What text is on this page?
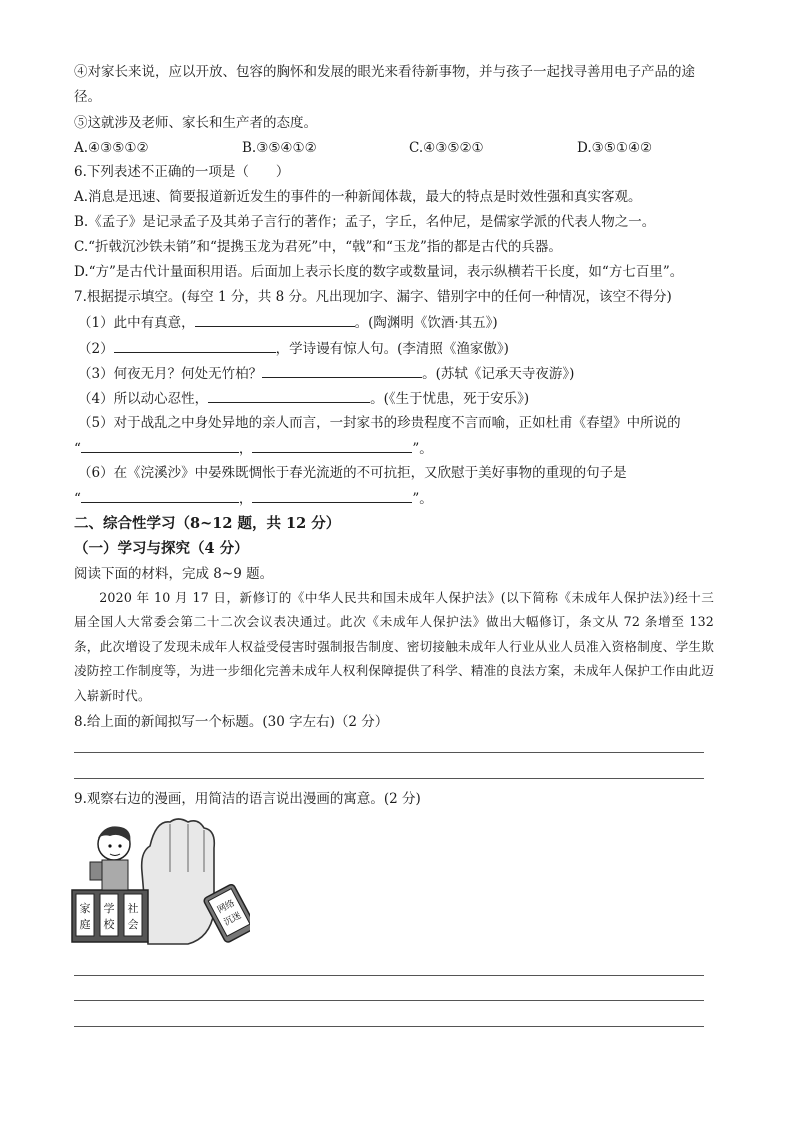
④对家长来说，应以开放、包容的胸怀和发展的眼光来看待新事物，并与孩子一起找寻善用电子产品的途
径。
⑤这就涉及老师、家长和生产者的态度。
A.④③⑤①②	B.③⑤④①②	C.④③⑤②①	D.③⑤①④②
6.下列表述不正确的一项是（　　）
A.消息是迅速、简要报道新近发生的事件的一种新闻体裁，最大的特点是时效性强和真实客观。
B.《孟子》是记录孟子及其弟子言行的著作；孟子，字丘，名仲尼，是儒家学派的代表人物之一。
C.“折戟沉沙铁未销”和“提携玉龙为君死”中，“戟”和“玉龙”指的都是古代的兵器。
D.“方”是古代计量面积用语。后面加上表示长度的数字或数量词，表示纵横若干长度，如“方七百里”。
7.根据提示填空。(每空 1 分，共 8 分。凡出现加字、漏字、错别字中的任何一种情况，该空不得分)
（1）此中有真意，	。(陶渊明《饮酒·其五》)
（2）	，学诗谩有惊人句。(李清照《渔家傲》)
（3）何夜无月？何处无竹柏？	。(苏轼《记承天寺夜游》)
（4）所以动心忍性，	。(《生于忧患，死于安乐》)
（5）对于战乱之中身处异地的亲人而言，一封家书的珍贵程度不言而喻，正如杜甫《春望》中所说的
“	，	”。
（6）在《浣溪沙》中晏殊既惆怅于春光流逝的不可抗拒，又欣慰于美好事物的重现的句子是
“	，	”。
二、综合性学习（8~12 题，共 12 分）
（一）学习与探究（4 分）
阅读下面的材料，完成 8~9 题。
2020 年 10 月 17 日，新修订的《中华人民共和国未成年人保护法》(以下简称《未成年人保护法》)经十三届全国人大常委会第二十二次会议表决通过。此次《未成年人保护法》做出大幅修订，条文从 72 条增至 132 条，此次增设了发现未成年人权益受侵害时强制报告制度、密切接触未成年人行业从业人员准入资格制度、学生欺凌防控工作制度等，为进一步细化完善未成年人权利保障提供了科学、精准的良法方案，未成年人保护工作由此迈入崭新时代。
8.给上面的新闻拟写一个标题。(30 字左右)（2 分）
9.观察右边的漫画，用简洁的语言说出漫画的寓意。(2 分)
家
庭
学
校
社
会
网络
沉迷
